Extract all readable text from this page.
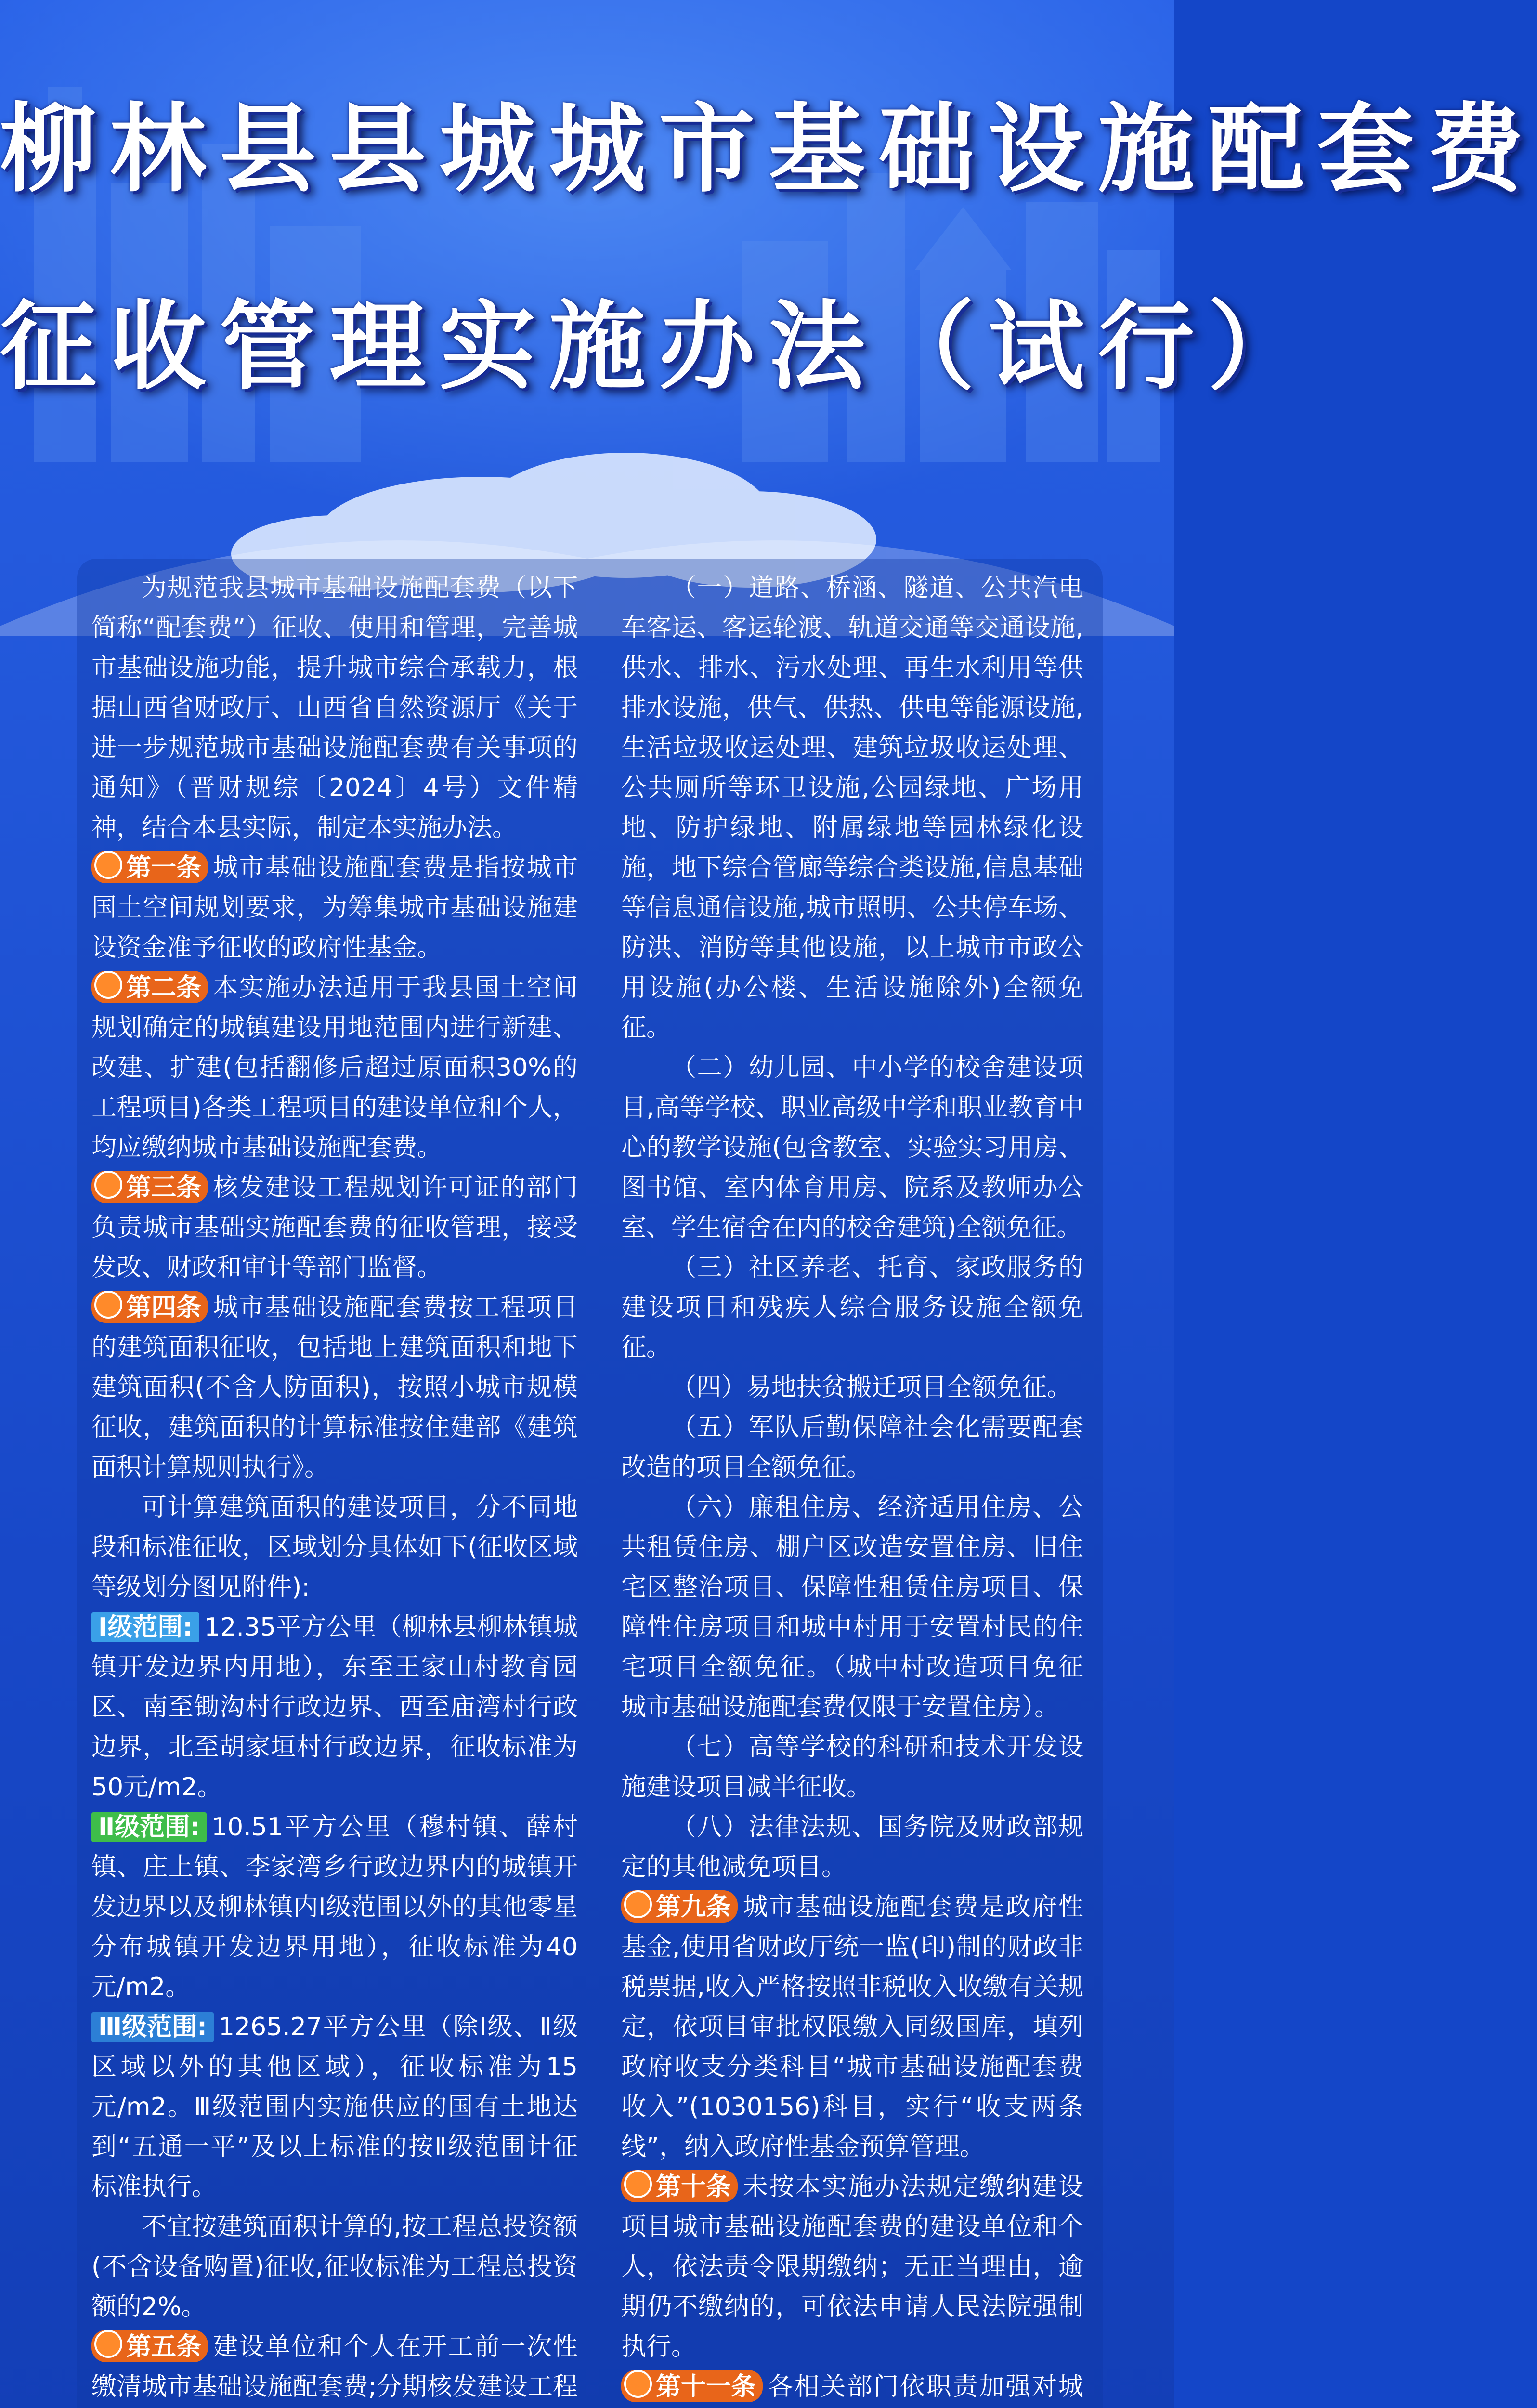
柳林县县城城市基础设施配套费
征收管理实施办法（试行）

为规范我县城市基础设施配套费（以下简称“配套费”）征收、使用和管理，完善城市基础设施功能，提升城市综合承载力，根据山西省财政厅、山西省自然资源厅《关于进一步规范城市基础设施配套费有关事项的通知》（晋财规综〔2024〕4号）文件精神，结合本县实际，制定本实施办法。

第一条 城市基础设施配套费是指按城市国土空间规划要求，为筹集城市基础设施建设资金准予征收的政府性基金。

第二条 本实施办法适用于我县国土空间规划确定的城镇建设用地范围内进行新建、改建、扩建(包括翻修后超过原面积30%的工程项目)各类工程项目的建设单位和个人，均应缴纳城市基础设施配套费。

第三条 核发建设工程规划许可证的部门负责城市基础实施配套费的征收管理，接受发改、财政和审计等部门监督。

第四条 城市基础设施配套费按工程项目的建筑面积征收，包括地上建筑面积和地下建筑面积(不含人防面积)，按照小城市规模征收，建筑面积的计算标准按住建部《建筑面积计算规则执行》。

可计算建筑面积的建设项目，分不同地段和标准征收，区域划分具体如下(征收区域等级划分图见附件):

Ⅰ级范围: 12.35平方公里（柳林县柳林镇城镇开发边界内用地），东至王家山村教育园区、南至锄沟村行政边界、西至庙湾村行政边界，北至胡家垣村行政边界，征收标准为50元/m2。

Ⅱ级范围: 10.51平方公里（穆村镇、薛村镇、庄上镇、李家湾乡行政边界内的城镇开发边界以及柳林镇内Ⅰ级范围以外的其他零星分布城镇开发边界用地），征收标准为40元/m2。

Ⅲ级范围: 1265.27平方公里（除Ⅰ级、Ⅱ级区域以外的其他区域），征收标准为15元/m2。Ⅲ级范围内实施供应的国有土地达到“五通一平”及以上标准的按Ⅱ级范围计征标准执行。

不宜按建筑面积计算的,按工程总投资额(不含设备购置)征收,征收标准为工程总投资额的2%。

第五条 建设单位和个人在开工前一次性缴清城市基础设施配套费;分期核发建设工程

（一）道路、桥涵、隧道、公共汽电车客运、客运轮渡、轨道交通等交通设施,供水、排水、污水处理、再生水利用等供排水设施，供气、供热、供电等能源设施,生活垃圾收运处理、建筑垃圾收运处理、公共厕所等环卫设施,公园绿地、广场用地、防护绿地、附属绿地等园林绿化设施，地下综合管廊等综合类设施,信息基础等信息通信设施,城市照明、公共停车场、防洪、消防等其他设施，以上城市市政公用设施(办公楼、生活设施除外)全额免征。

（二）幼儿园、中小学的校舍建设项目,高等学校、职业高级中学和职业教育中心的教学设施(包含教室、实验实习用房、图书馆、室内体育用房、院系及教师办公室、学生宿舍在内的校舍建筑)全额免征。

（三）社区养老、托育、家政服务的建设项目和残疾人综合服务设施全额免征。

（四）易地扶贫搬迁项目全额免征。

（五）军队后勤保障社会化需要配套改造的项目全额免征。

（六）廉租住房、经济适用住房、公共租赁住房、棚户区改造安置住房、旧住宅区整治项目、保障性租赁住房项目、保障性住房项目和城中村用于安置村民的住宅项目全额免征。（城中村改造项目免征城市基础设施配套费仅限于安置住房）。

（七）高等学校的科研和技术开发设施建设项目减半征收。

（八）法律法规、国务院及财政部规定的其他减免项目。

第九条 城市基础设施配套费是政府性基金,使用省财政厅统一监(印)制的财政非税票据,收入严格按照非税收入收缴有关规定，依项目审批权限缴入同级国库，填列政府收支分类科目“城市基础设施配套费收入”(1030156)科目，实行“收支两条线”，纳入政府性基金预算管理。

第十条 未按本实施办法规定缴纳建设项目城市基础设施配套费的建设单位和个人，依法责令限期缴纳；无正当理由，逾期仍不缴纳的，可依法申请人民法院强制执行。

第十一条 各相关部门依职责加强对城
